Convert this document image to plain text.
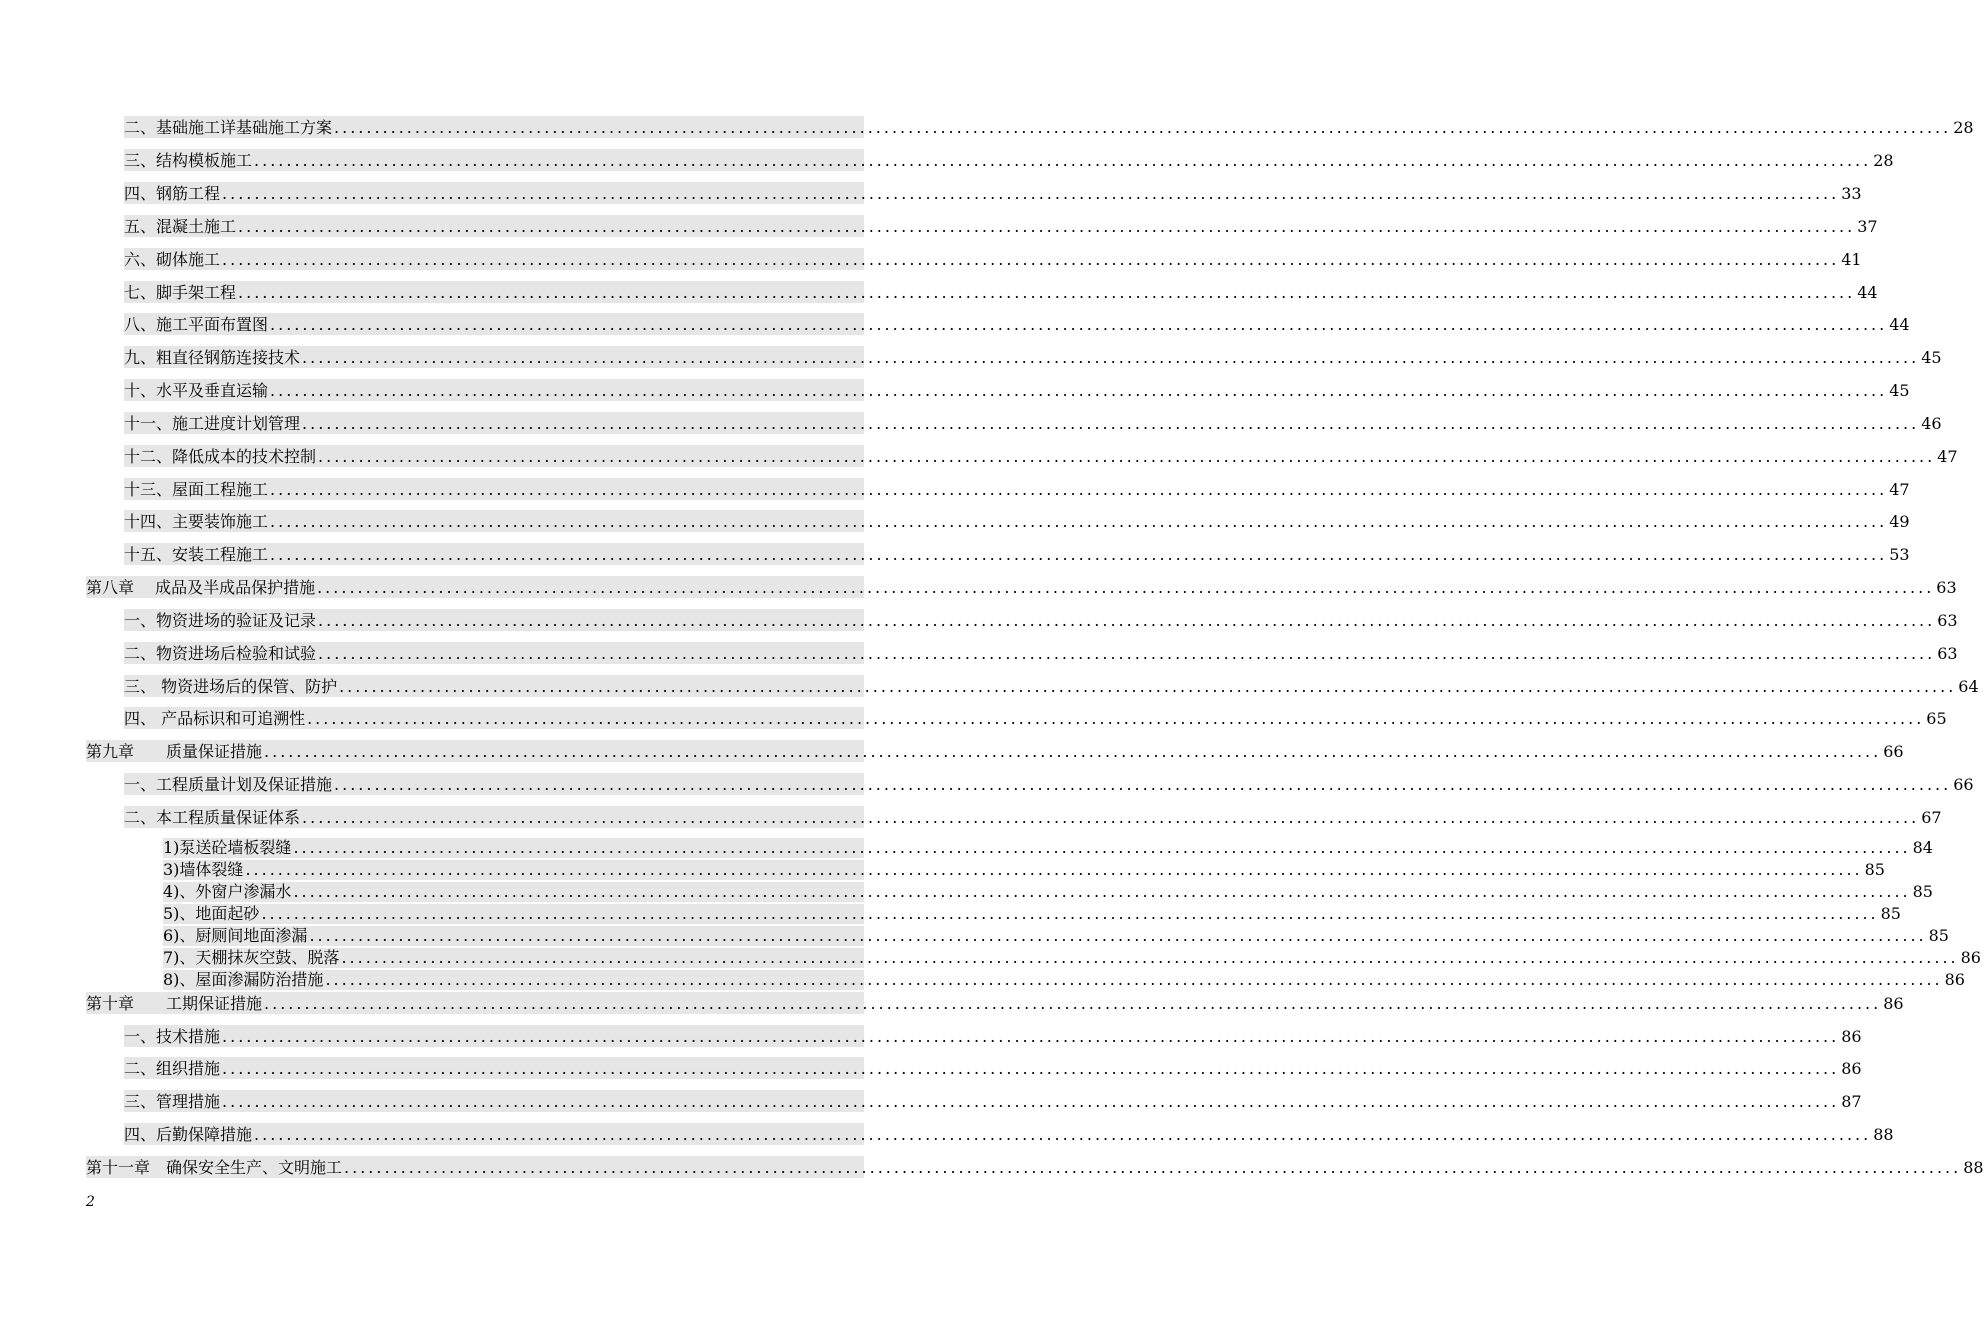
二、基础施工详基础施工方案 ........................................................................................................................................................................................................ 28
三、结构模板施工 ........................................................................................................................................................................................................ 28
四、钢筋工程 ........................................................................................................................................................................................................ 33
五、混凝土施工 ........................................................................................................................................................................................................ 37
六、砌体施工 ........................................................................................................................................................................................................ 41
七、脚手架工程 ........................................................................................................................................................................................................ 44
八、施工平面布置图 ........................................................................................................................................................................................................ 44
九、粗直径钢筋连接技术 ........................................................................................................................................................................................................ 45
十、水平及垂直运输 ........................................................................................................................................................................................................ 45
十一、施工进度计划管理 ........................................................................................................................................................................................................ 46
十二、降低成本的技术控制 ........................................................................................................................................................................................................ 47
十三、屋面工程施工 ........................................................................................................................................................................................................ 47
十四、主要装饰施工 ........................................................................................................................................................................................................ 49
十五、安装工程施工 ........................................................................................................................................................................................................ 53
第八章　 成品及半成品保护措施 ........................................................................................................................................................................................................ 63
一、物资进场的验证及记录 ........................................................................................................................................................................................................ 63
二、物资进场后检验和试验 ........................................................................................................................................................................................................ 63
三、 物资进场后的保管、防护 ........................................................................................................................................................................................................ 64
四、 产品标识和可追溯性 ........................................................................................................................................................................................................ 65
第九章　　质量保证措施 ........................................................................................................................................................................................................ 66
一、工程质量计划及保证措施 ........................................................................................................................................................................................................ 66
二、本工程质量保证体系 ........................................................................................................................................................................................................ 67
1)泵送砼墙板裂缝 ........................................................................................................................................................................................................ 84
3)墙体裂缝 ........................................................................................................................................................................................................ 85
4)、外窗户渗漏水 ........................................................................................................................................................................................................ 85
5)、地面起砂 ........................................................................................................................................................................................................ 85
6)、厨厕间地面渗漏 ........................................................................................................................................................................................................ 85
7)、天棚抹灰空鼓、脱落 ........................................................................................................................................................................................................ 86
8)、屋面渗漏防治措施 ........................................................................................................................................................................................................ 86
第十章　　工期保证措施 ........................................................................................................................................................................................................ 86
一、技术措施 ........................................................................................................................................................................................................ 86
二、组织措施 ........................................................................................................................................................................................................ 86
三、管理措施 ........................................................................................................................................................................................................ 87
四、后勤保障措施 ........................................................................................................................................................................................................ 88
第十一章　确保安全生产、文明施工 ........................................................................................................................................................................................................ 88
2
